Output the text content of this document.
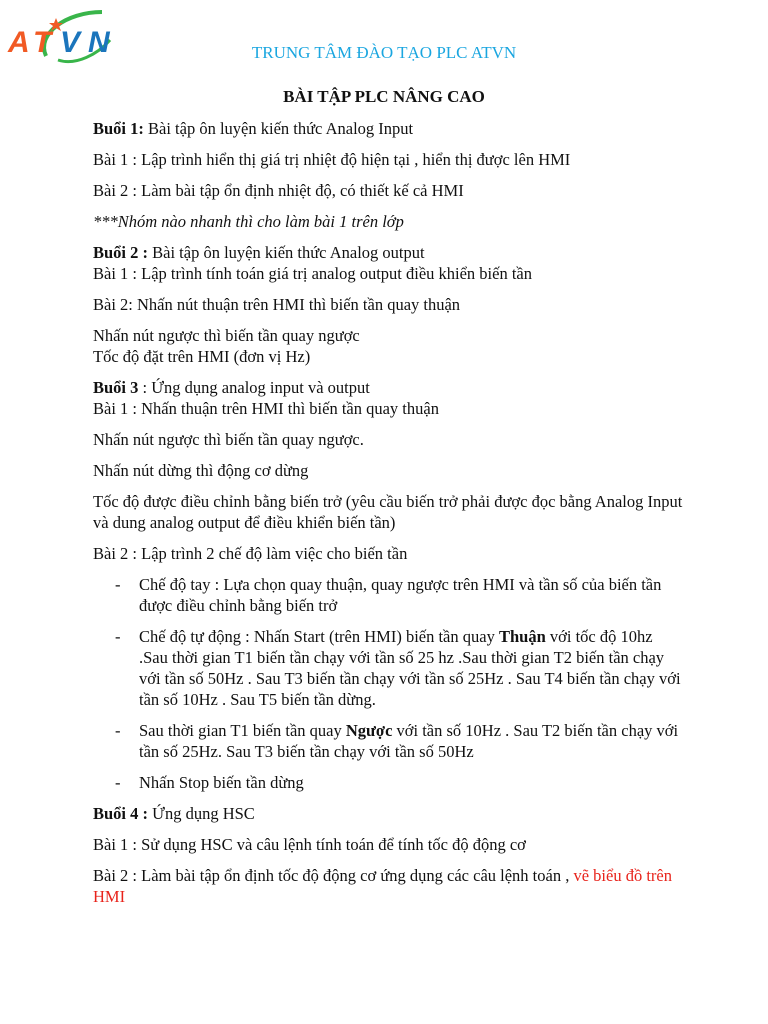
A T V N	TRUNG TÂM ĐÀO TẠO PLC ATVN
BÀI TẬP PLC NÂNG CAO

Buổi 1: Bài tập ôn luyện kiến thức Analog Input

Bài 1 : Lập trình hiển thị giá trị nhiệt độ hiện tại , hiển thị được lên HMI

Bài 2 : Làm bài tập ổn định nhiệt độ, có thiết kế cả HMI

***Nhóm nào nhanh thì cho làm bài 1 trên lớp

Buổi 2 : Bài tập ôn luyện kiến thức Analog output

Bài 1 : Lập trình tính toán giá trị analog output điều khiển biến tần

Bài 2: Nhấn nút thuận trên HMI thì biến tần quay thuận

Nhấn nút ngược thì biến tần quay ngược

Tốc độ đặt trên HMI (đơn vị Hz)

Buổi 3 : Ứng dụng analog input và output

Bài 1 : Nhấn thuận trên HMI thì biến tần quay thuận

Nhấn nút ngược thì biến tần quay ngược.

Nhấn nút dừng thì động cơ dừng

Tốc độ được điều chỉnh bằng biến trở (yêu cầu biến trở phải được đọc bằng Analog Input và dung analog output để điều khiển biến tần)

Bài 2 : Lập trình 2 chế độ làm việc cho biến tần

- Chế độ tay : Lựa chọn quay thuận, quay ngược trên HMI và tần số của biến tần được điều chỉnh bằng biến trở
- Chế độ tự động : Nhấn Start (trên HMI) biến tần quay Thuận với tốc độ 10hz .Sau thời gian T1 biến tần chạy với tần số 25 hz .Sau thời gian T2 biến tần chạy với tần số 50Hz . Sau T3 biến tần chạy với tần số 25Hz . Sau T4 biến tần chạy với tần số 10Hz . Sau T5 biến tần dừng.
- Sau thời gian T1 biến tần quay Ngược với tần số 10Hz . Sau T2 biến tần chạy với tần số 25Hz. Sau T3 biến tần chạy với tần số 50Hz
- Nhấn Stop biến tần dừng

Buổi 4 : Ứng dụng HSC

Bài 1 : Sử dụng HSC và câu lệnh tính toán để tính tốc độ động cơ

Bài 2 : Làm bài tập ổn định tốc độ động cơ ứng dụng các câu lệnh toán , vẽ biểu đồ trên HMI
